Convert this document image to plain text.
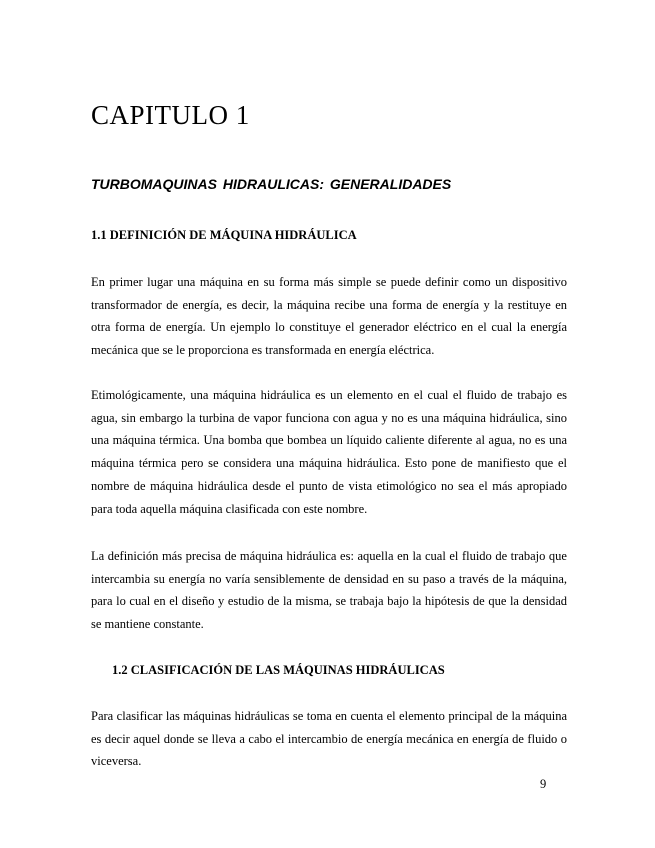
CAPITULO 1
TURBOMAQUINAS HIDRAULICAS: GENERALIDADES
1.1 DEFINICIÓN DE MÁQUINA HIDRÁULICA

En primer lugar una máquina en su forma más simple se puede definir como un dispositivo transformador de energía, es decir, la máquina recibe una forma de energía y la restituye en otra forma de energía. Un ejemplo lo constituye el generador eléctrico en el cual la energía mecánica que se le proporciona es transformada en energía eléctrica.

Etimológicamente, una máquina hidráulica es un elemento en el cual el fluido de trabajo es agua, sin embargo la turbina de vapor funciona con agua y no es una máquina hidráulica, sino una máquina térmica. Una bomba que bombea un líquido caliente diferente al agua, no es una máquina térmica pero se considera una máquina hidráulica. Esto pone de manifiesto que el nombre de máquina hidráulica desde el punto de vista etimológico no sea el más apropiado para toda aquella máquina clasificada con este nombre.

La definición más precisa de máquina hidráulica es: aquella en la cual el fluido de trabajo que intercambia su energía no varía sensiblemente de densidad en su paso a través de la máquina, para lo cual en el diseño y estudio de la misma, se trabaja bajo la hipótesis de que la densidad se mantiene constante.

1.2 CLASIFICACIÓN DE LAS MÁQUINAS HIDRÁULICAS

Para clasificar las máquinas hidráulicas se toma en cuenta el elemento principal de la máquina es decir aquel donde se lleva a cabo el intercambio de energía mecánica en energía de fluido o viceversa.

9
